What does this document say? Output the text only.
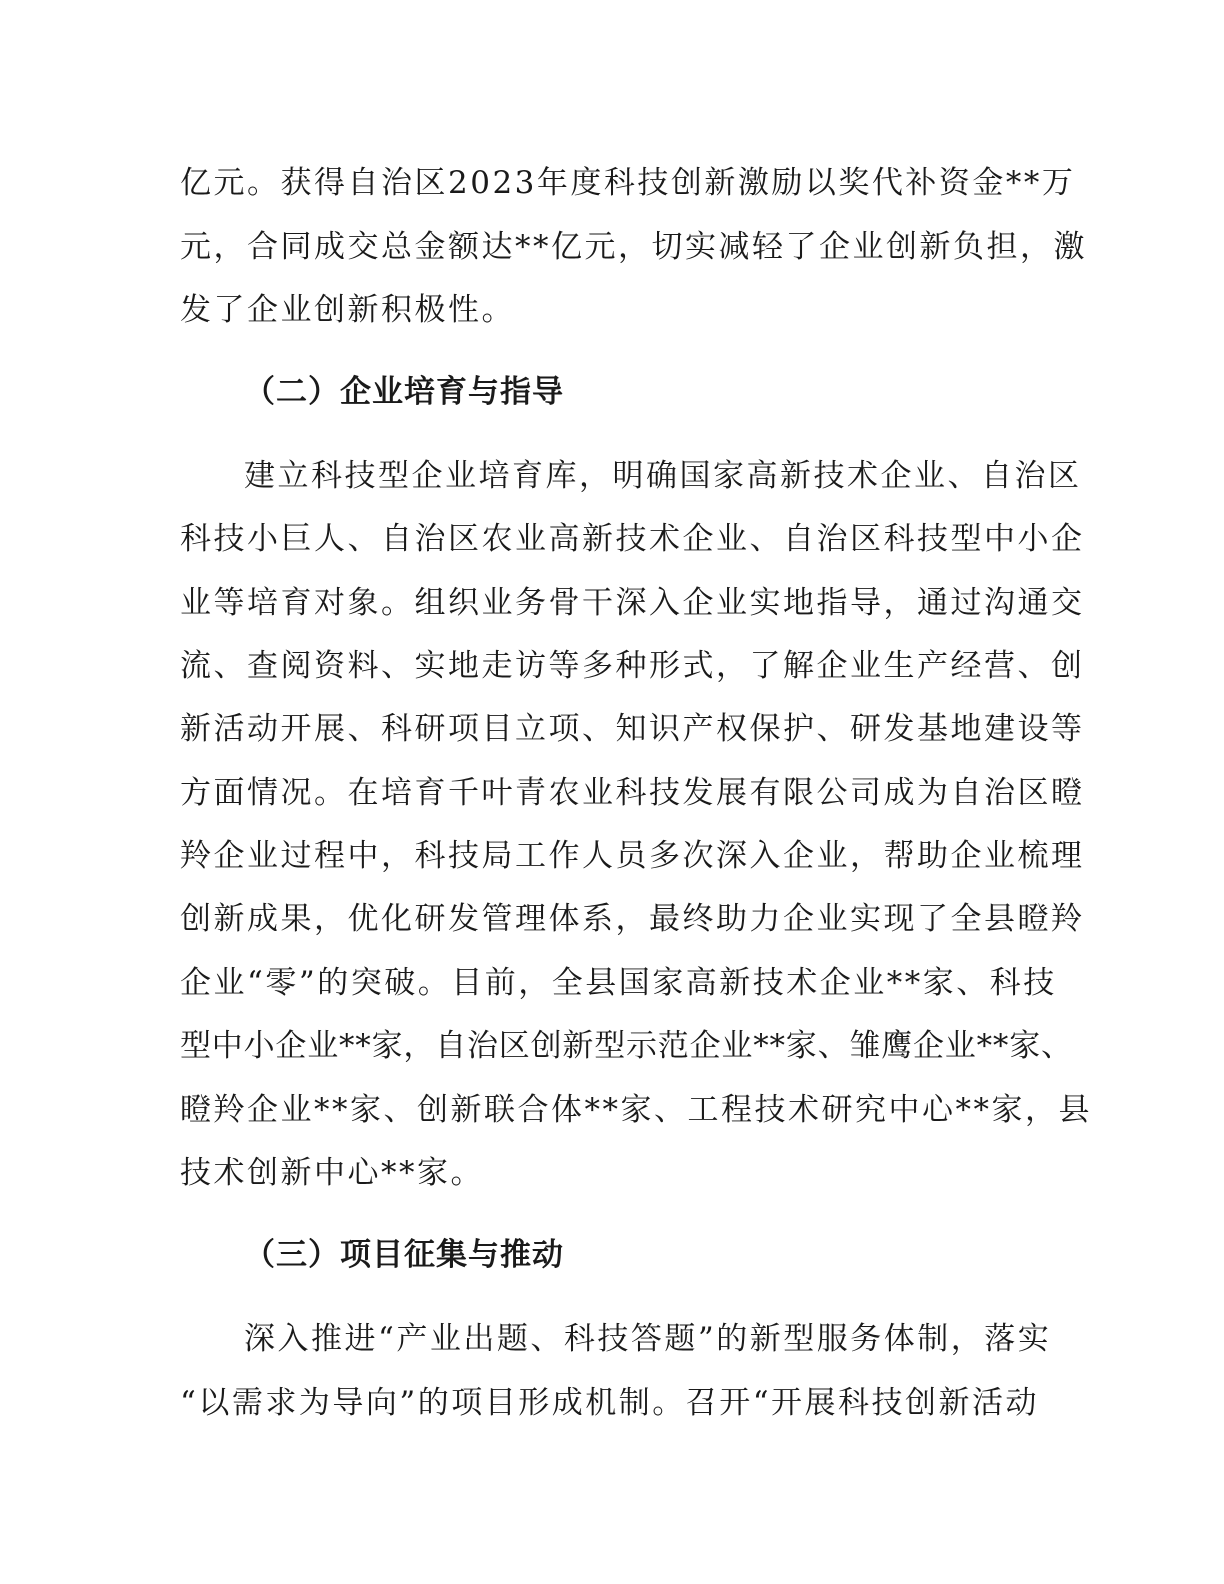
亿元。获得自治区2023年度科技创新激励以奖代补资金**万
元，合同成交总金额达**亿元，切实减轻了企业创新负担，激
发了企业创新积极性。
（二）企业培育与指导
建立科技型企业培育库，明确国家高新技术企业、自治区
科技小巨人、自治区农业高新技术企业、自治区科技型中小企
业等培育对象。组织业务骨干深入企业实地指导，通过沟通交
流、查阅资料、实地走访等多种形式，了解企业生产经营、创
新活动开展、科研项目立项、知识产权保护、研发基地建设等
方面情况。在培育千叶青农业科技发展有限公司成为自治区瞪
羚企业过程中，科技局工作人员多次深入企业，帮助企业梳理
创新成果，优化研发管理体系，最终助力企业实现了全县瞪羚
企业“零”的突破。目前，全县国家高新技术企业**家、科技
型中小企业**家，自治区创新型示范企业**家、雏鹰企业**家、
瞪羚企业**家、创新联合体**家、工程技术研究中心**家，县
技术创新中心**家。
（三）项目征集与推动
深入推进“产业出题、科技答题”的新型服务体制，落实
“以需求为导向”的项目形成机制。召开“开展科技创新活动
